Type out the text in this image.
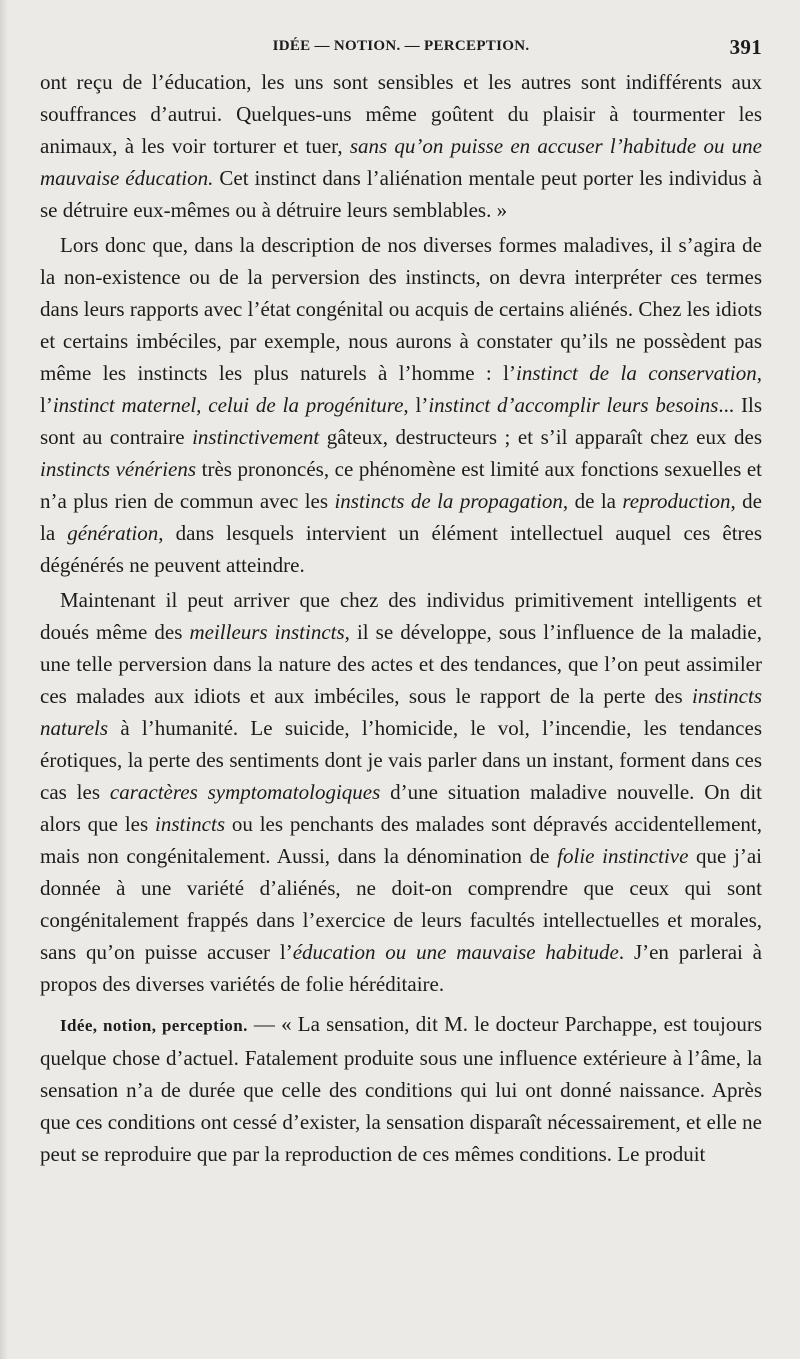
IDÉE — NOTION. — PERCEPTION.	391

ont reçu de l’éducation, les uns sont sensibles et les autres sont indifférents aux souffrances d’autrui. Quelques-uns même goûtent du plaisir à tourmenter les animaux, à les voir torturer et tuer, sans qu’on puisse en accuser l’habitude ou une mauvaise éducation. Cet instinct dans l’aliénation mentale peut porter les individus à se détruire eux-mêmes ou à détruire leurs semblables. »

Lors donc que, dans la description de nos diverses formes maladives, il s’agira de la non-existence ou de la perversion des instincts, on devra interpréter ces termes dans leurs rapports avec l’état congénital ou acquis de certains aliénés. Chez les idiots et certains imbéciles, par exemple, nous aurons à constater qu’ils ne possèdent pas même les instincts les plus naturels à l’homme : l’instinct de la conservation, l’instinct maternel, celui de la progéniture, l’instinct d’accomplir leurs besoins... Ils sont au contraire instinctivement gâteux, destructeurs ; et s’il apparaît chez eux des instincts vénériens très prononcés, ce phénomène est limité aux fonctions sexuelles et n’a plus rien de commun avec les instincts de la propagation, de la reproduction, de la génération, dans lesquels intervient un élément intellectuel auquel ces êtres dégénérés ne peuvent atteindre.

Maintenant il peut arriver que chez des individus primitivement intelligents et doués même des meilleurs instincts, il se développe, sous l’influence de la maladie, une telle perversion dans la nature des actes et des tendances, que l’on peut assimiler ces malades aux idiots et aux imbéciles, sous le rapport de la perte des instincts naturels à l’humanité. Le suicide, l’homicide, le vol, l’incendie, les tendances érotiques, la perte des sentiments dont je vais parler dans un instant, forment dans ces cas les caractères symptomatologiques d’une situation maladive nouvelle. On dit alors que les instincts ou les penchants des malades sont dépravés accidentellement, mais non congénitalement. Aussi, dans la dénomination de folie instinctive que j’ai donnée à une variété d’aliénés, ne doit-on comprendre que ceux qui sont congénitalement frappés dans l’exercice de leurs facultés intellectuelles et morales, sans qu’on puisse accuser l’éducation ou une mauvaise habitude. J’en parlerai à propos des diverses variétés de folie héréditaire.

Idée, notion, perception. — « La sensation, dit M. le docteur Parchappe, est toujours quelque chose d’actuel. Fatalement produite sous une influence extérieure à l’âme, la sensation n’a de durée que celle des conditions qui lui ont donné naissance. Après que ces conditions ont cessé d’exister, la sensation disparaît nécessairement, et elle ne peut se reproduire que par la reproduction de ces mêmes conditions. Le produit
